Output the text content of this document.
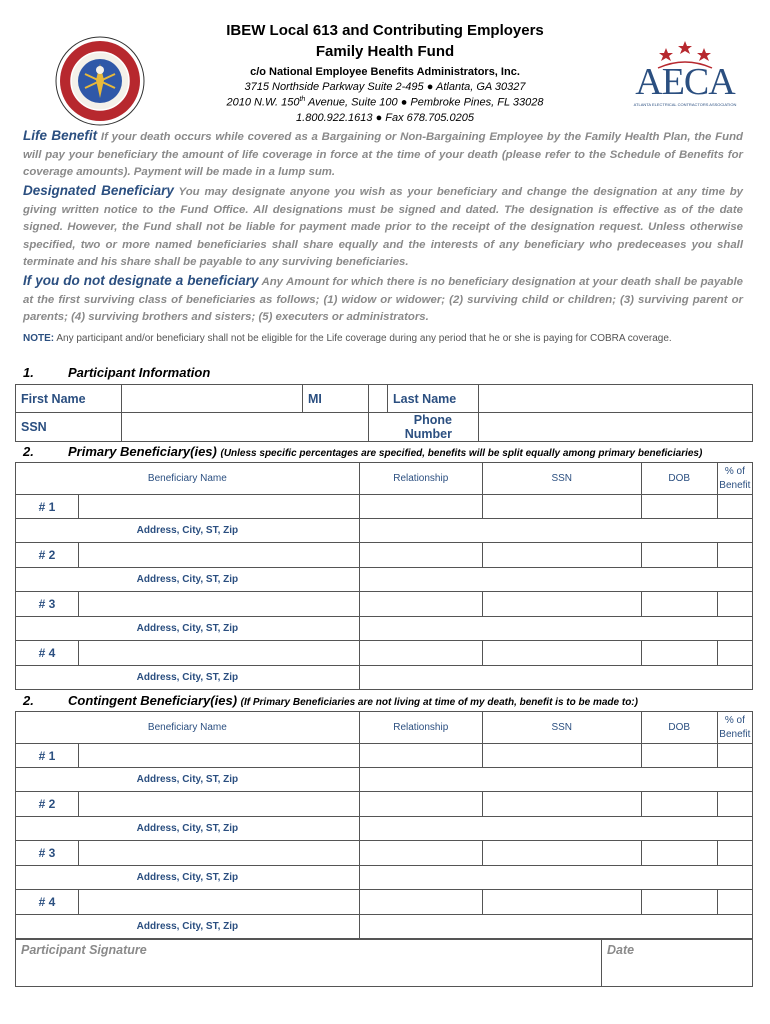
IBEW Local 613 and Contributing Employers
Family Health Fund
c/o National Employee Benefits Administrators, Inc.
3715 Northside Parkway Suite 2-495 ● Atlanta, GA 30327
2010 N.W. 150th Avenue, Suite 100 ● Pembroke Pines, FL 33028
1.800.922.1613 ● Fax 678.705.0205
AECA
ATLANTA ELECTRICAL CONTRACTORS ASSOCIATION
Life Benefit If your death occurs while covered as a Bargaining or Non-Bargaining Employee by the Family Health Plan, the Fund will pay your beneficiary the amount of life coverage in force at the time of your death (please refer to the Schedule of Benefits for coverage amounts). Payment will be made in a lump sum.
Designated Beneficiary You may designate anyone you wish as your beneficiary and change the designation at any time by giving written notice to the Fund Office. All designations must be signed and dated. The designation is effective as of the date signed. However, the Fund shall not be liable for payment made prior to the receipt of the designation request. Unless otherwise specified, two or more named beneficiaries shall share equally and the interests of any beneficiary who predeceases you shall terminate and his share shall be payable to any surviving beneficiaries.
If you do not designate a beneficiary Any Amount for which there is no beneficiary designation at your death shall be payable at the first surviving class of beneficiaries as follows; (1) widow or widower; (2) surviving child or children; (3) surviving parent or parents; (4) surviving brothers and sisters; (5) executers or administrators.
NOTE: Any participant and/or beneficiary shall not be eligible for the Life coverage during any period that he or she is paying for COBRA coverage.
1.	Participant Information
First Name		MI		Last Name	
SSN			Phone Number		
2.	Primary Beneficiary(ies) (Unless specific percentages are specified, benefits will be split equally among primary beneficiaries)
Beneficiary Name		Relationship	SSN	DOB	% of
Benefit
# 1					
Address, City, ST, Zip					
# 2					
Address, City, ST, Zip					
# 3					
Address, City, ST, Zip					
# 4					
Address, City, ST, Zip					
2.	Contingent Beneficiary(ies) (If Primary Beneficiaries are not living at time of my death, benefit is to be made to:)
Beneficiary Name		Relationship	SSN	DOB	% of
Benefit
# 1					
Address, City, ST, Zip					
# 2					
Address, City, ST, Zip					
# 3					
Address, City, ST, Zip					
# 4					
Address, City, ST, Zip					
Participant Signature	Date
